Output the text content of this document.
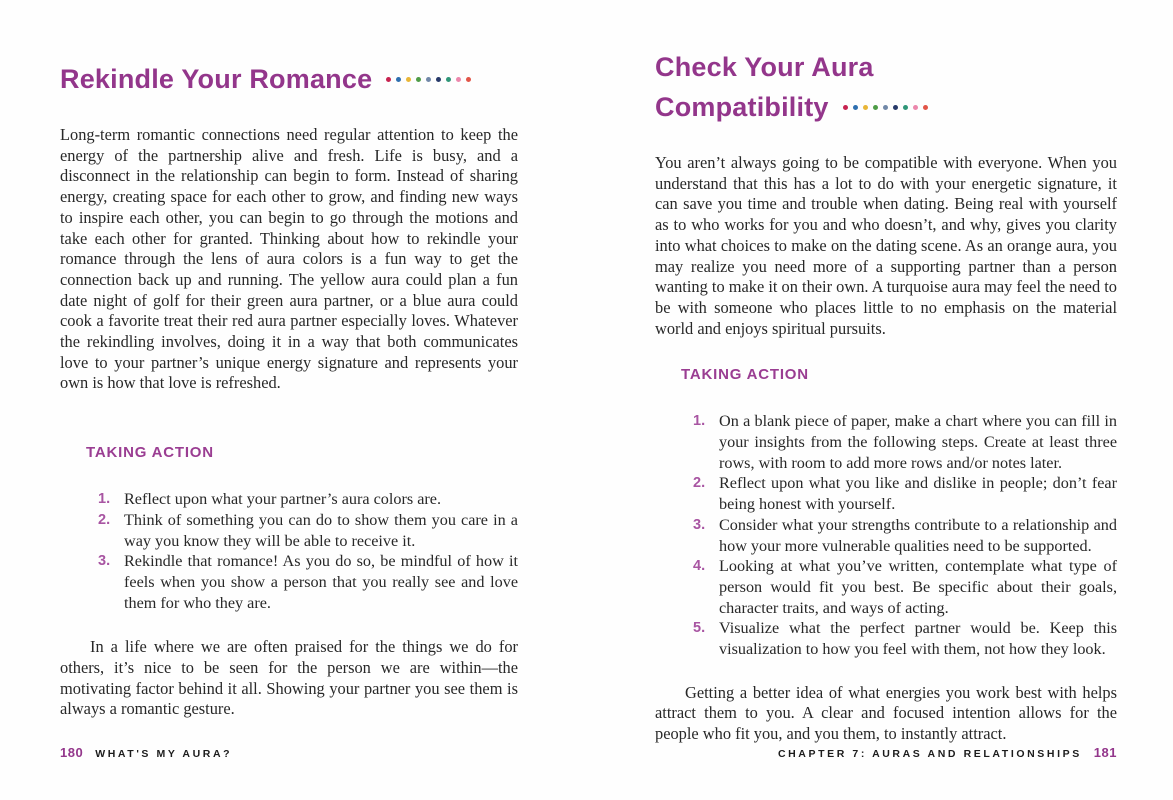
Rekindle Your Romance

Long-term romantic connections need regular attention to keep the energy of the partnership alive and fresh. Life is busy, and a disconnect in the relationship can begin to form. Instead of sharing energy, creating space for each other to grow, and finding new ways to inspire each other, you can begin to go through the motions and take each other for granted. Thinking about how to rekindle your romance through the lens of aura colors is a fun way to get the connection back up and running. The yellow aura could plan a fun date night of golf for their green aura partner, or a blue aura could cook a favorite treat their red aura partner especially loves. Whatever the rekindling involves, doing it in a way that both communicates love to your partner’s unique energy signature and represents your own is how that love is refreshed.

TAKING ACTION
1. Reflect upon what your partner’s aura colors are.
2. Think of something you can do to show them you care in a way you know they will be able to receive it.
3. Rekindle that romance! As you do so, be mindful of how it feels when you show a person that you really see and love them for who they are.

In a life where we are often praised for the things we do for others, it’s nice to be seen for the person we are within—the motivating factor behind it all. Showing your partner you see them is always a romantic gesture.

180 WHAT'S MY AURA?
Check Your Aura
Compatibility

You aren’t always going to be compatible with everyone. When you understand that this has a lot to do with your energetic signature, it can save you time and trouble when dating. Being real with yourself as to who works for you and who doesn’t, and why, gives you clarity into what choices to make on the dating scene. As an orange aura, you may realize you need more of a supporting partner than a person wanting to make it on their own. A turquoise aura may feel the need to be with someone who places little to no emphasis on the material world and enjoys spiritual pursuits.

TAKING ACTION
1. On a blank piece of paper, make a chart where you can fill in your insights from the following steps. Create at least three rows, with room to add more rows and/or notes later.
2. Reflect upon what you like and dislike in people; don’t fear being honest with yourself.
3. Consider what your strengths contribute to a relationship and how your more vulnerable qualities need to be supported.
4. Looking at what you’ve written, contemplate what type of person would fit you best. Be specific about their goals, character traits, and ways of acting.
5. Visualize what the perfect partner would be. Keep this visualization to how you feel with them, not how they look.

Getting a better idea of what energies you work best with helps attract them to you. A clear and focused intention allows for the people who fit you, and you them, to instantly attract.

CHAPTER 7: AURAS AND RELATIONSHIPS 181
